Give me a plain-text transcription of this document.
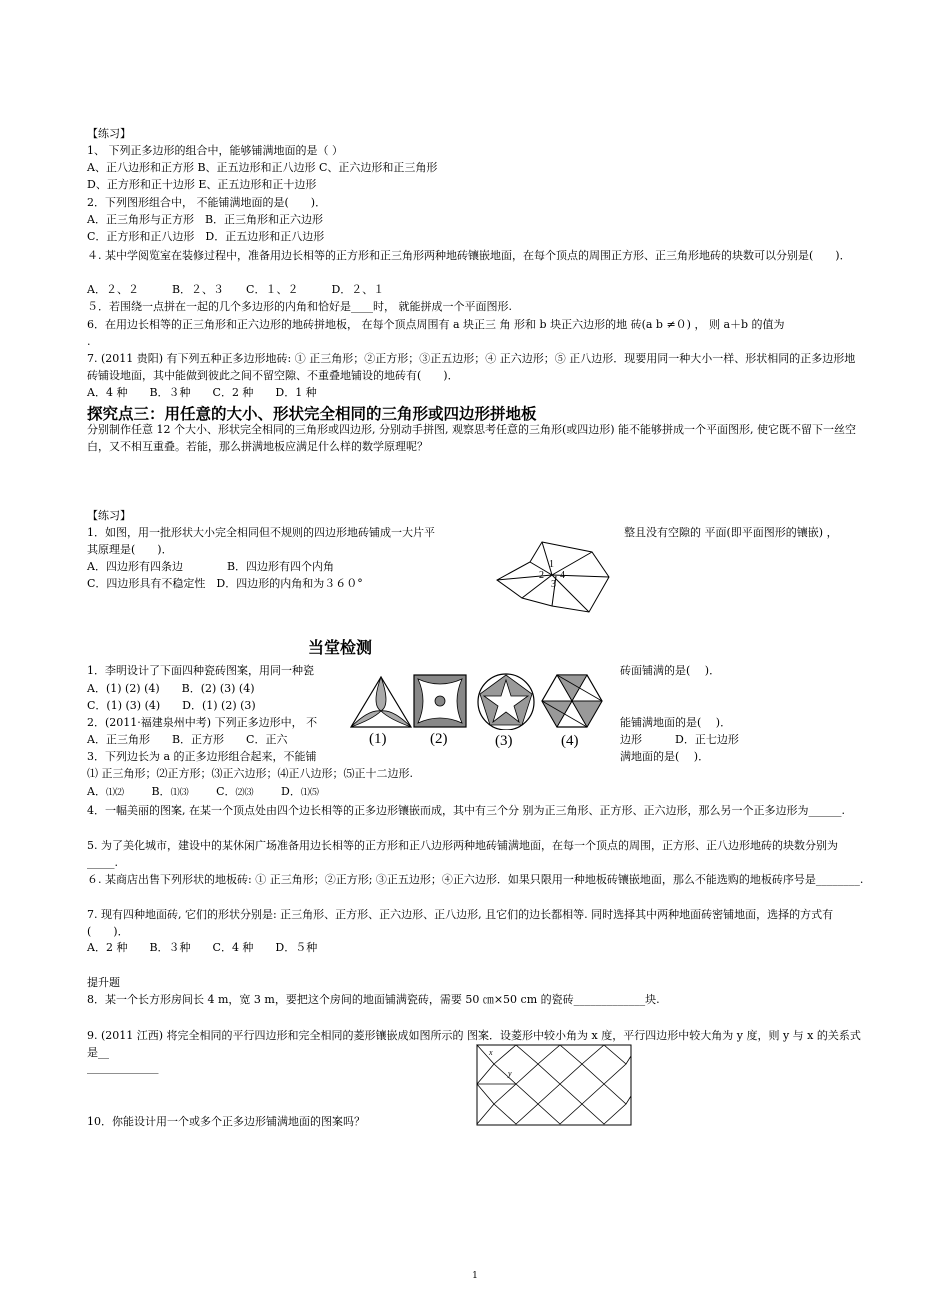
【练习】
1、 下列正多边形的组合中，能够铺满地面的是（ ）
A、正八边形和正方形 B、正五边形和正八边形 C、正六边形和正三角形
D、正方形和正十边形 E、正五边形和正十边形
2．下列图形组合中， 不能铺满地面的是(　　)．
A．正三角形与正方形　B．正三角形和正六边形
C．正方形和正八边形　D．正五边形和正八边形
４. 某中学阅览室在装修过程中，准备用边长相等的正方形和正三角形两种地砖镶嵌地面，在每个顶点的周围正方形、正三角形地砖的块数可以分别是(　　)．
A．２、２　　　B．２、３　　C．１、２　　　D．２、１
５．若围绕一点拼在一起的几个多边形的内角和恰好是____时， 就能拼成一个平面图形.
6．在用边长相等的正三角形和正六边形的地砖拼地板， 在每个顶点周围有 a 块正三 角 形和 b 块正六边形的地 砖(a b ≠０) ， 则 a＋b 的值为
.
7. (2011 贵阳) 有下列五种正多边形地砖: ① 正三角形；②正方形；③正五边形；④ 正六边形；⑤ 正八边形．现要用同一种大小一样、形状相同的正多边形地砖铺设地面，其中能做到彼此之间不留空隙、不重叠地铺设的地砖有(　　)．
A．4 种　　B．３种　　C．2 种　　D．1 种
探究点三：用任意的大小、形状完全相同的三角形或四边形拼地板
分别制作任意 12 个大小、形状完全相同的三角形或四边形, 分别动手拼图, 观察思考任意的三角形(或四边形) 能不能够拼成一个平面图形, 使它既不留下一丝空白，又不相互重叠。若能，那么拼满地板应满足什么样的数学原理呢？
【练习】
1．如图，用一批形状大小完全相同但不规则的四边形地砖铺成一大片平	整且没有空隙的 平面(即平面图形的镶嵌) ，
其原理是(　　)．
A．四边形有四条边　　　　B．四边形有四个内角
C．四边形具有不稳定性　D．四边形的内角和为３６０°
1
2
3
4
当堂检测
1．李明设计了下面四种瓷砖图案，用同一种瓷	砖面铺满的是(　 )．
A．(1) (2) (4)　　B．(2) (3) (4)
C．(1) (3) (4)　　D．(1) (2) (3)
2．(2011·福建泉州中考) 下列正多边形中， 不	能铺满地面的是(　 )．
A．正三角形　　B．正方形　　C．正六	边形　　　D．正七边形
3．下列边长为 a 的正多边形组合起来，不能铺	满地面的是(　 )．
⑴ 正三角形；⑵正方形；⑶正六边形；⑷正八边形；⑸正十二边形.
A．⑴⑵	B．⑴⑶	C．⑵⑶	D．⑴⑸
(1)	(2)	(3)	(4)
4．一幅美丽的图案, 在某一个顶点处由四个边长相等的正多边形镶嵌而成，其中有三个分 别为正三角形、正方形、正六边形，那么另一个正多边形为______.
5. 为了美化城市，建设中的某休闲广场准备用边长相等的正方形和正八边形两种地砖铺满地面，在每一个顶点的周围，正方形、正八边形地砖的块数分别为_____.
６. 某商店出售下列形状的地板砖: ① 正三角形；②正方形; ③正五边形；④正六边形．如果只限用一种地板砖镶嵌地面，那么不能选购的地板砖序号是________.
7. 现有四种地面砖, 它们的形状分别是: 正三角形、正方形、正六边形、正八边形, 且它们的边长都相等. 同时选择其中两种地面砖密铺地面，选择的方式有(　　)．
A．2 种　　B．３种　　C．4 种　　D．５种
提升题
8．某一个长方形房间长 4 m，宽 3 m，要把这个房间的地面铺满瓷砖，需要 50 ㎝×50 cm 的瓷砖_____________块.
9. (2011 江西) 将完全相同的平行四边形和完全相同的菱形镶嵌成如图所示的 图案．设菱形中较小角为 x 度，平行四边形中较大角为 y 度，则 y 与 x 的关系式是__
_____________
x
y
10．你能设计用一个或多个正多边形铺满地面的图案吗？
1
